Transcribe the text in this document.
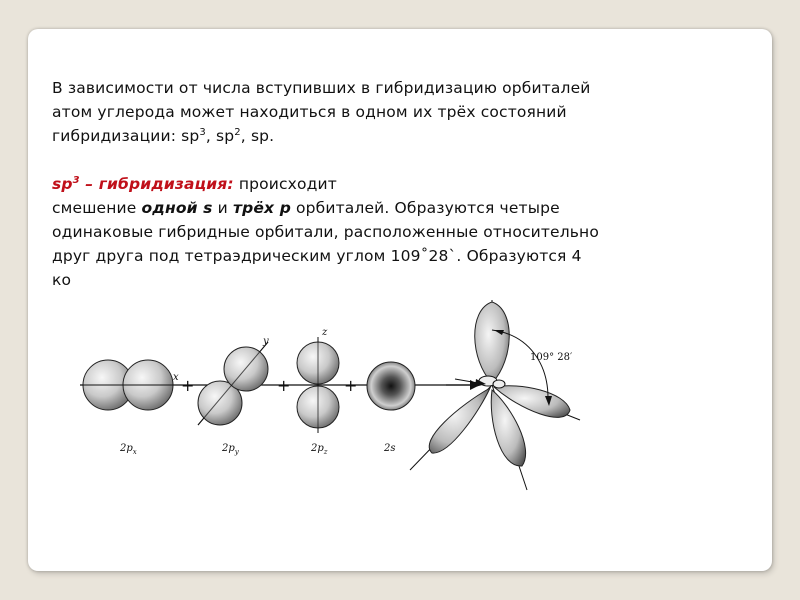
В зависимости от числа вступивших в гибридизацию орбиталей

атом углерода может находиться в одном их трёх состояний

гибридизации: $sp^3$, $sp^2$, sp.

$sp^3$ – гибридизация: происходит

смешение одной s и трёх p орбиталей. Образуются четыре

одинаковые гибридные орбитали, расположенные относительно

друг друга под тетраэдрическим углом 109˚28`. Образуются 4

ко

x
$2p_x$
+
y
$2p_y$
+
z
$2p_z$
+
2s
109° 28′
